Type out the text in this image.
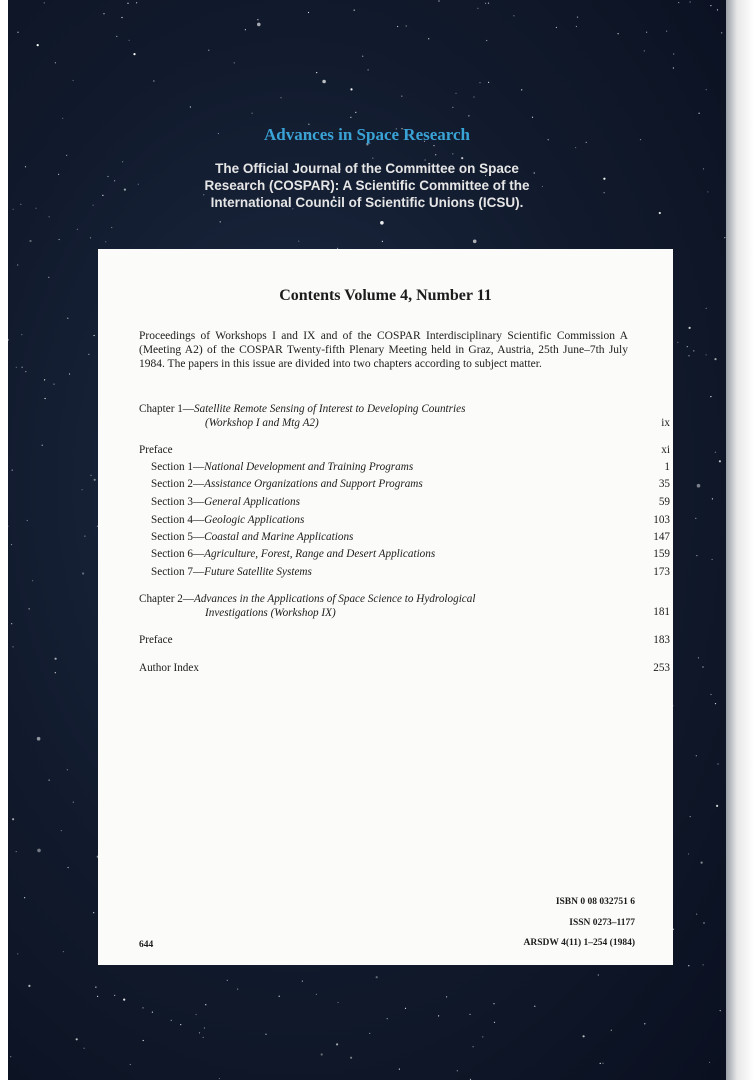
Advances in Space Research
The Official Journal of the Committee on Space
Research (COSPAR): A Scientific Committee of the
International Council of Scientific Unions (ICSU).
Contents Volume 4, Number 11
Proceedings of Workshops I and IX and of the COSPAR Interdisciplinary Scientific Commission A (Meeting A2) of the COSPAR Twenty-fifth Plenary Meeting held in Graz, Austria, 25th June–7th July 1984. The papers in this issue are divided into two chapters according to subject matter.
Chapter 1—Satellite Remote Sensing of Interest to Developing Countries
(Workshop I and Mtg A2)	ix
Preface	xi
Section 1—National Development and Training Programs	1
Section 2—Assistance Organizations and Support Programs	35
Section 3—General Applications	59
Section 4—Geologic Applications	103
Section 5—Coastal and Marine Applications	147
Section 6—Agriculture, Forest, Range and Desert Applications	159
Section 7—Future Satellite Systems	173
Chapter 2—Advances in the Applications of Space Science to Hydrological
Investigations (Workshop IX)	181
Preface	183
Author Index	253
ISBN 0 08 032751 6
ISSN 0273–1177
ARSDW 4(11) 1–254 (1984)
644
